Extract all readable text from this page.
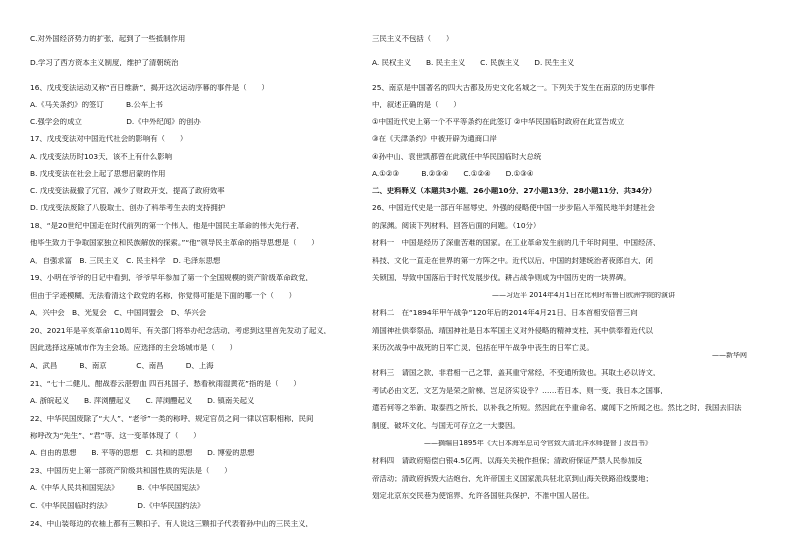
C.对外国经济势力的扩张，起到了一些抵制作用
D.学习了西方资本主义制度，维护了清朝统治
16、戊戌变法运动又称“百日维新”，揭开这次运动序幕的事件是（　　）
A.《马关条约》的签订　　　B.公车上书
C.强学会的成立　　　　　　D.《中外纪闻》的创办
17、戊戌变法对中国近代社会的影响有（　　）
A. 戊戌变法历时103天，该不上有什么影响
B. 戊戌变法在社会上起了思想启蒙的作用
C. 戊戌变法裁撤了冗官，减少了财政开支，提高了政府效率
D. 戊戌变法废除了八股取士，创办了科举考生去的支持拥护
18、“是20世纪中国走在时代前列的第一个伟人，他是中国民主革命的伟大先行者，
他毕生致力于争取国家独立和民族解放的探索。”“他”领导民主革命的指导思想是（　　）
A．自强求富　B. 三民主义　C. 民主科学　D. 毛泽东思想
19、小明在爷爷的日记中看到，爷爷早年参加了第一个全国规模的资产阶级革命政党，
但由于字迹模糊，无法看清这个政党的名称，你觉得可能是下面的哪一个（　　）
A．兴中会　B、光复会　C、中国同盟会　D、华兴会
20、2021年是辛亥革命110周年，有关部门将举办纪念活动，考虑到这里首先发动了起义，
因此选择这座城市作为主会场。应选择的主会场城市是（　　）
A、武昌　　　B、南京　　　　C、南昌　　　D、上海
21、“七十二健儿，酣战春云湛碧血 四百兆国子，愁看秋雨湿黄花”指的是（　　）
A. 浙皖起义　　B. 萍浏醴起义　　C. 萍浏醴起义　　D. 镇南关起义
22、中华民国废除了“大人”、“老爷”一类的称呼，规定官员之间一律以官职相称，民间
称呼改为“先生”、“君”等，这一变革体现了（　　）
A. 自由的思想　　B. 平等的思想　C. 共和的思想　　D. 博爱的思想
23、中国历史上第一部资产阶级共和国性质的宪法是（　　）
A.《中华人民共和国宪法》　　　B.《中华民国宪法》
C.《中华民国临时约法》　　　　D.《中华民国约法》
24、中山装每边的衣袖上都有三颗扣子，有人说这三颗扣子代表着孙中山的三民主义，
三民主义不包括（　　）
A. 民权主义　　B. 民主主义　　C. 民族主义　　D. 民生主义
25、南京是中国著名的四大古都及历史文化名城之一。下列关于发生在南京的历史事件
中，叙述正确的是（　　）
①中国近代史上第一个不平等条约在此签订 ②中华民国临时政府在此宣告成立
③在《天津条约》中被开辟为通商口岸
④孙中山、袁世凯都曾在此就任中华民国临时大总统
A.①②③　　　B.②③④　　C.①②④　　D.①③④
二、史料释义（本题共3小题，26小题10分，27小题13分，28小题11分，共34分）
26、中国近代史是一部百年屈辱史，外强的侵略使中国一步步陷入半殖民地半封建社会
的深渊。阅读下列材料，回答后面的问题。（10分）
材料一　中国是经历了深重苦难的国家。在工业革命发生前的几千年时间里，中国经济、
科技、文化一直走在世界的第一方阵之中。近代以后，中国的封建统治者夜郎自大，闭
关锁国，导致中国落后于时代发展步伐。耕占战争则成为中国历史的一块界碑。
——习近平 2014年4月1日在比利时布鲁日欧洲学院的演讲
材料二　在“1894年甲午战争”120年后的2014年4月21日，日本首相安倍晋三向
靖国神社供奉祭品，靖国神社是日本军国主义对外侵略的精神支柱，其中供奉着近代以
来历次战争中战死的日军亡灵，包括在甲午战争中丧生的日军亡灵。
——新华网
材料三　请国之款，非君相一己之罪，盖其重守常经，不变通所致也。其取土必以诗文，
考试必由文艺，文艺为是荣之阶梯，岂足济实设乎？……若日本，则一变，我日本之国事，
遣若何等之举新，取泰西之所长，以补我之所短。然因此在乎重命名，虞闻下之所闻之也。然比之时，我国去旧法
制度，破坏文化，与国无可存立之一大要因。
——摘编自1895年《大日本海军总司令官致大清北洋水师提督丁汝昌书》
材料四　请政府赔偿白银4.5亿两，以海关关税作担保；清政府保证严禁人民参加反
帝活动；清政府拆毁大沽炮台，允许帝国主义国家派兵驻北京到山海关铁路沿线要地；
划定北京东交民巷为使馆界，允许各国驻兵保护，不准中国人居住。
